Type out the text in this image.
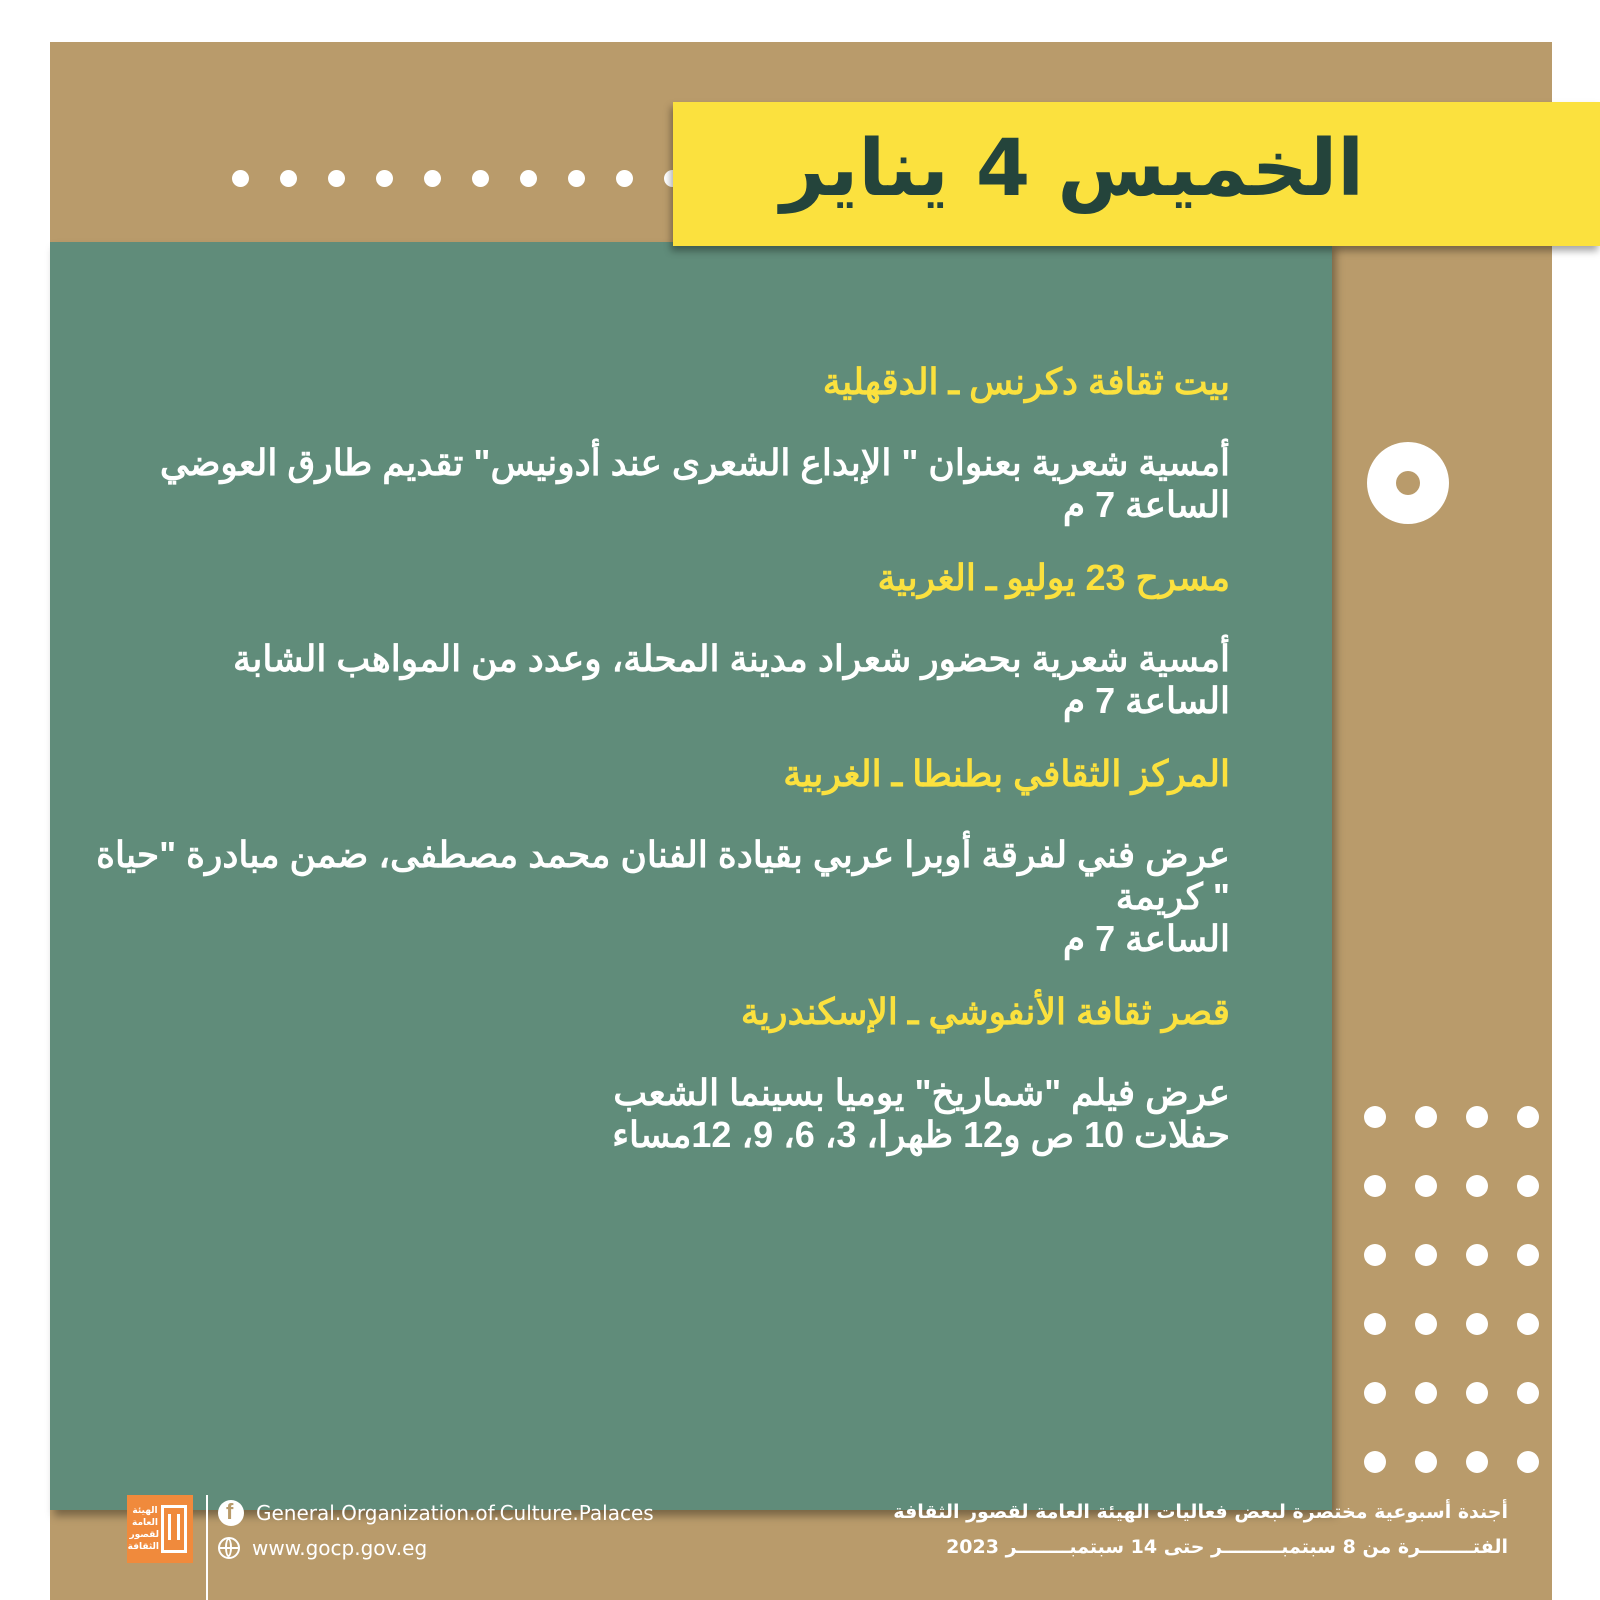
الخميس 4 يناير

بيت ثقافة دكرنس ـ الدقهلية

أمسية شعرية بعنوان " الإبداع الشعرى عند أدونيس" تقديم طارق العوضي

الساعة 7 م

مسرح 23 يوليو ـ الغربية

أمسية شعرية بحضور شعراد مدينة المحلة، وعدد من المواهب الشابة

الساعة 7 م

المركز الثقافي بطنطا ـ الغربية

عرض فني لفرقة أوبرا عربي بقيادة الفنان محمد مصطفى، ضمن مبادرة "حياة

" كريمة

الساعة 7 م

قصر ثقافة الأنفوشي ـ الإسكندرية

عرض فيلم "شماريخ" يوميا بسينما الشعب

حفلات 10 ص و12 ظهرا، 3، 6، 9، 12مساء

الهيئة العامة لقصور الثقافة
f
General.Organization.of.Culture.Palaces
www.gocp.gov.eg
أجندة أسبوعية مختصرة لبعض فعاليات الهيئة العامة لقصور الثقافة
الفتــــــــرة من 8 سبتمبـــــــــر حتى 14 سبتمبــــــــر 2023
